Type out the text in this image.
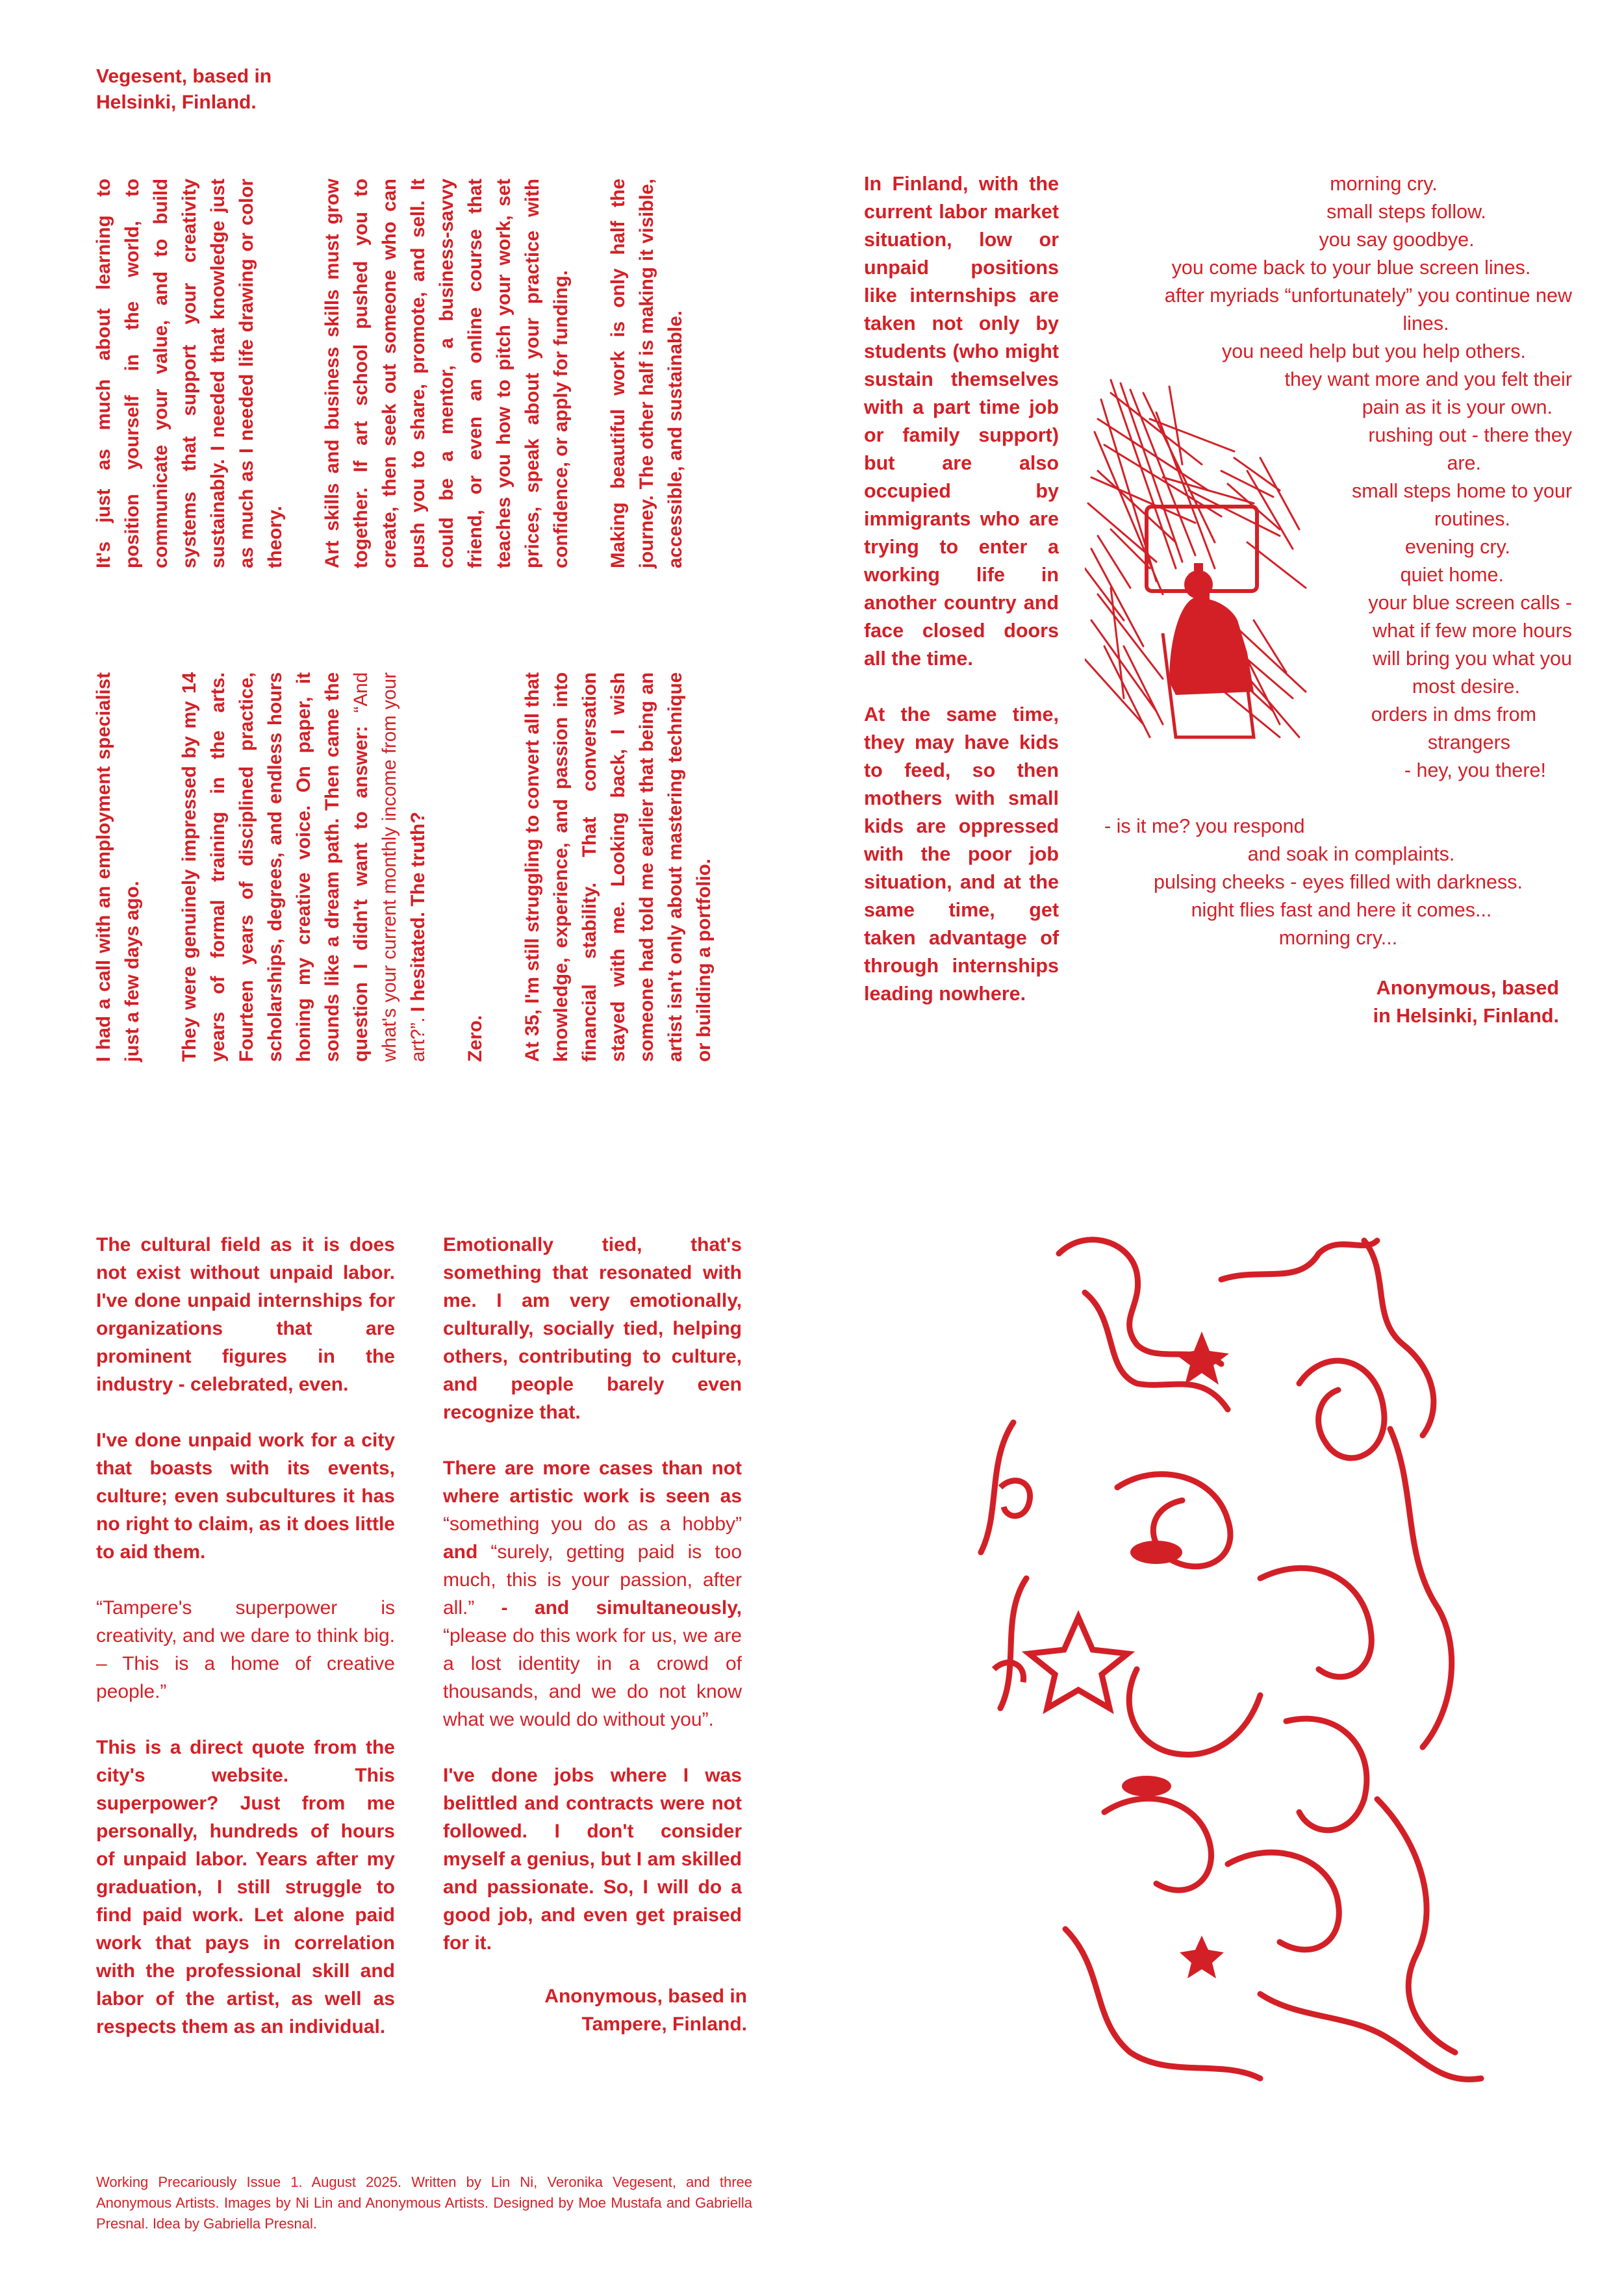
Vegesent, based in
Helsinki, Finland.

I had a call with an employment specialist just a few days ago. They were genuinely impressed by my 14 years of formal training in the arts. Fourteen years of disciplined practice, scholarships, degrees, and endless hours honing my creative voice. On paper, it sounds like a dream path. Then came the question I didn't want to answer: “And what's your current monthly income from your art?”. I hesitated. The truth?

Zero. At 35, I'm still struggling to convert all that knowledge, experience, and passion into financial stability. That conversation stayed with me. Looking back, I wish someone had told me earlier that being an artist isn't only about mastering technique or building a portfolio.

It's just as much about learning to position yourself in the world, to communicate your value, and to build systems that support your creativity sustainably. I needed that knowledge just as much as I needed life drawing or color theory. Art skills and business skills must grow together. If art school pushed you to create, then seek out someone who can push you to share, promote, and sell. It could be a mentor, a business-savvy friend, or even an online course that teaches you how to pitch your work, set prices, speak about your practice with confidence, or apply for funding. Making beautiful work is only half the journey. The other half is making it visible, accessible, and sustainable.

In Finland, with the current labor market situation, low or unpaid positions like internships are taken not only by students (who might sustain themselves with a part time job or family support) but are also occupied by immigrants who are trying to enter a working life in another country and face closed doors all the time.

At the same time, they may have kids to feed, so then mothers with small kids are oppressed with the poor job situation, and at the same time, get taken advantage of through internships leading nowhere.

morning cry.
small steps follow.
you say goodbye.
you come back to your blue screen lines.
after myriads “unfortunately” you continue new
lines.
you need help but you help others.
they want more and you felt their
pain as it is your own.
rushing out - there they
are.
small steps home to your
routines.
evening cry.
quiet home.
your blue screen calls -
what if few more hours
will bring you what you
most desire.
orders in dms from
strangers
- hey, you there!
- is it me? you respond
and soak in complaints.
pulsing cheeks - eyes filled with darkness.
night flies fast and here it comes...
morning cry...
Anonymous, based
in Helsinki, Finland.

The cultural field as it is does not exist without unpaid labor. I've done unpaid internships for organizations that are prominent figures in the industry - celebrated, even.

I've done unpaid work for a city that boasts with its events, culture; even subcultures it has no right to claim, as it does little to aid them.

“Tampere's superpower is creativity, and we dare to think big. – This is a home of creative people.”

This is a direct quote from the city's website. This superpower? Just from me personally, hundreds of hours of unpaid labor. Years after my graduation, I still struggle to find paid work. Let alone paid work that pays in correlation with the professional skill and labor of the artist, as well as respects them as an individual.

Emotionally tied, that's something that resonated with me. I am very emotionally, culturally, socially tied, helping others, contributing to culture, and people barely even recognize that.

There are more cases than not where artistic work is seen as “something you do as a hobby” and “surely, getting paid is too much, this is your passion, after all.” - and simultaneously, “please do this work for us, we are a lost identity in a crowd of thousands, and we do not know what we would do without you”.

I've done jobs where I was belittled and contracts were not followed. I don't consider myself a genius, but I am skilled and passionate. So, I will do a good job, and even get praised for it.

Anonymous, based in
Tampere, Finland.
Working Precariously Issue 1. August 2025. Written by Lin Ni, Veronika Vegesent, and three Anonymous Artists. Images by Ni Lin and Anonymous Artists. Designed by Moe Mustafa and Gabriella Presnal. Idea by Gabriella Presnal.
